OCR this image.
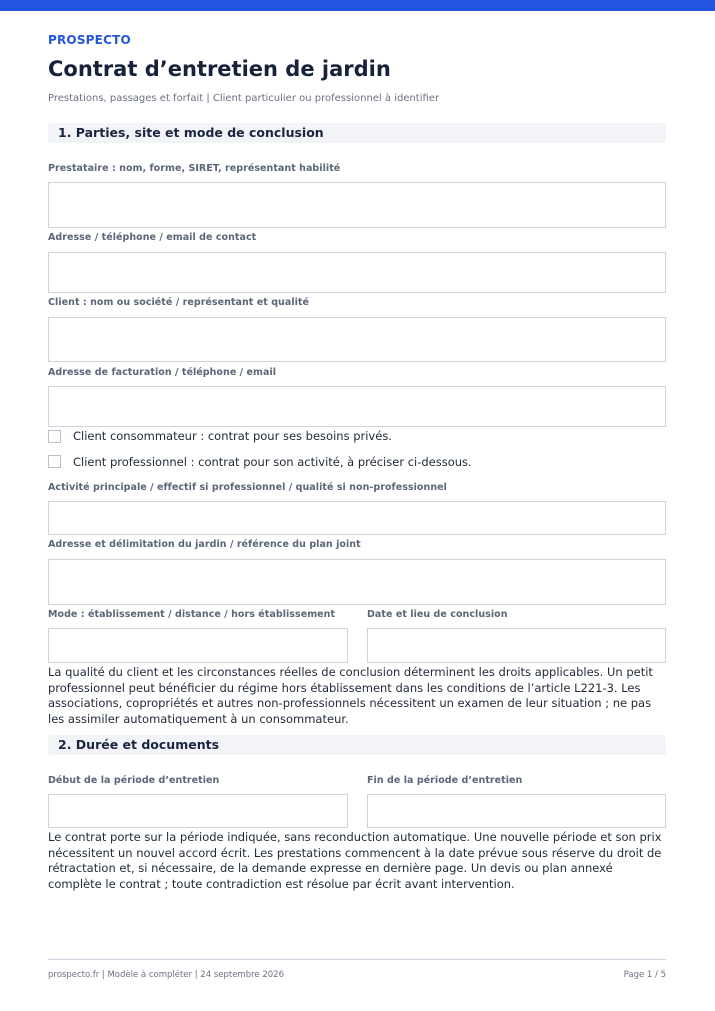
PROSPECTO
Contrat d’entretien de jardin
Prestations, passages et forfait | Client particulier ou professionnel à identifier
1. Parties, site et mode de conclusion
Prestataire : nom, forme, SIRET, représentant habilité
Adresse / téléphone / email de contact
Client : nom ou société / représentant et qualité
Adresse de facturation / téléphone / email
Client consommateur : contrat pour ses besoins privés.
Client professionnel : contrat pour son activité, à préciser ci-dessous.
Activité principale / effectif si professionnel / qualité si non-professionnel
Adresse et délimitation du jardin / référence du plan joint
Mode : établissement / distance / hors établissement	Date et lieu de conclusion
La qualité du client et les circonstances réelles de conclusion déterminent les droits applicables. Un petit professionnel peut bénéficier du régime hors établissement dans les conditions de l’article L221-3. Les associations, copropriétés et autres non-professionnels nécessitent un examen de leur situation ; ne pas les assimiler automatiquement à un consommateur.
2. Durée et documents
Début de la période d’entretien	Fin de la période d’entretien
Le contrat porte sur la période indiquée, sans reconduction automatique. Une nouvelle période et son prix nécessitent un nouvel accord écrit. Les prestations commencent à la date prévue sous réserve du droit de rétractation et, si nécessaire, de la demande expresse en dernière page. Un devis ou plan annexé complète le contrat ; toute contradiction est résolue par écrit avant intervention.
prospecto.fr | Modèle à compléter | 24 septembre 2026	Page 1 / 5
